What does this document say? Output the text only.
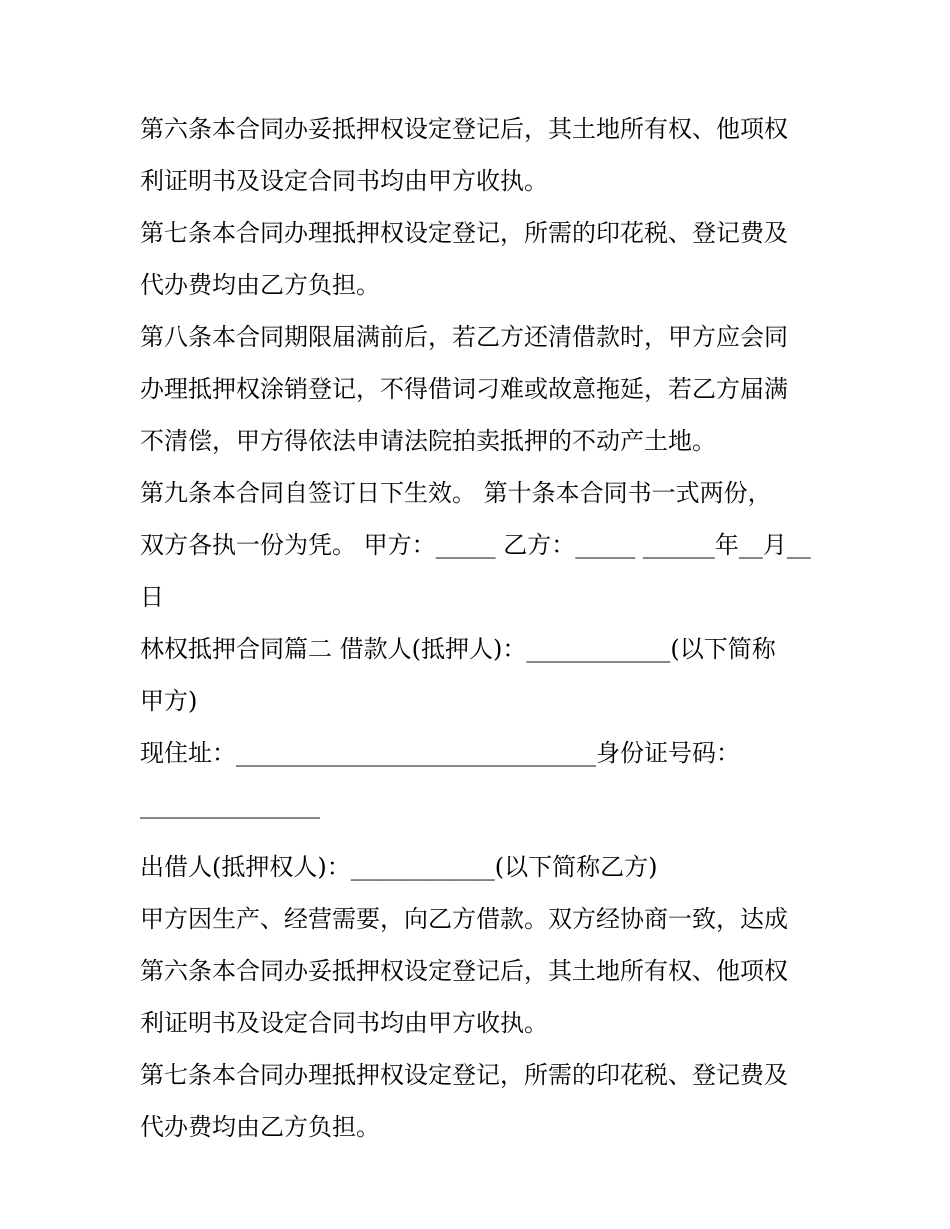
第六条本合同办妥抵押权设定登记后，其土地所有权、他项权
利证明书及设定合同书均由甲方收执。
第七条本合同办理抵押权设定登记，所需的印花税、登记费及
代办费均由乙方负担。
第八条本合同期限届满前后，若乙方还清借款时，甲方应会同
办理抵押权涂销登记，不得借词刁难或故意拖延，若乙方届满
不清偿，甲方得依法申请法院拍卖抵押的不动产土地。
第九条本合同自签订日下生效。 第十条本合同书一式两份，
双方各执一份为凭。 甲方：_____ 乙方：_____ ______年__月__
日
林权抵押合同篇二 借款人(抵押人)：____________(以下简称
甲方)
现住址：______________________________身份证号码：
_______________
出借人(抵押权人)：____________(以下简称乙方)
甲方因生产、经营需要，向乙方借款。双方经协商一致，达成
第六条本合同办妥抵押权设定登记后，其土地所有权、他项权
利证明书及设定合同书均由甲方收执。
第七条本合同办理抵押权设定登记，所需的印花税、登记费及
代办费均由乙方负担。
